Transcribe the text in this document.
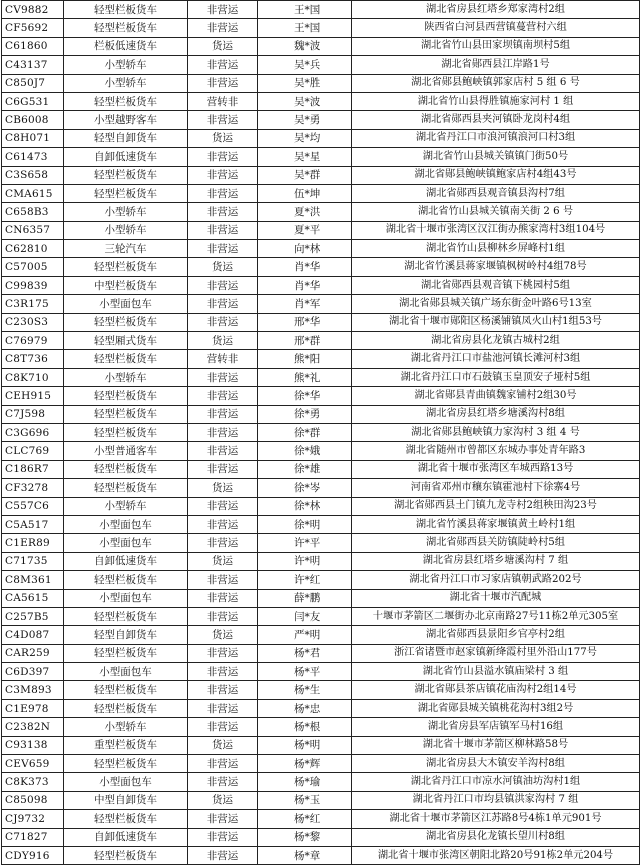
CV9882	轻型栏板货车	非营运	王*国	湖北省房县红塔乡郑家湾村2组
CF5692	轻型栏板货车	非营运	王*国	陕西省白河县西营镇蔓营村六组
C61860	栏板低速货车	货运	魏*波	湖北省竹山县田家坝镇南坝村5组
C43137	小型轿车	非营运	吴*兵	湖北省郧西县江岸路1号
C850J7	小型轿车	非营运	吴*胜	湖北省郧县鲍峡镇郭家店村 5 组 6 号
C6G531	轻型栏板货车	营转非	吴*波	湖北省竹山县得胜镇施家河村 1 组
CB6008	小型越野客车	非营运	吴*勇	湖北省郧西县夹河镇卧龙岗村4组
C8H071	轻型自卸货车	货运	吴*均	湖北省丹江口市浪河镇浪河口村3组
C61473	自卸低速货车	非营运	吴*星	湖北省竹山县城关镇镇门街50号
C3S658	轻型栏板货车	非营运	吴*群	湖北省郧县鲍峡镇鲍家店村4组43号
CMA615	轻型栏板货车	非营运	伍*坤	湖北省郧西县观音镇县沟村7组
C658B3	小型轿车	非营运	夏*洪	湖北省竹山县城关镇南关街 2 6 号
CN6357	小型轿车	非营运	夏*平	湖北省十堰市张湾区汉江街办熊家湾村3组104号
C62810	三轮汽车	非营运	向*林	湖北省竹山县柳林乡屏峰村1组
C57005	轻型栏板货车	货运	肖*华	湖北省竹溪县蒋家堰镇枫树岭村4组78号
C99839	中型栏板货车	非营运	肖*华	湖北省郧西县观音镇下桃园村5组
C3R175	小型面包车	非营运	肖*军	湖北省郧县城关镇广场东街金叶路6号13室
C230S3	轻型栏板货车	非营运	邢*华	湖北省十堰市郧阳区杨溪铺镇凤火山村1组53号
C76979	轻型厢式货车	货运	邢*群	湖北省房县化龙镇古城村2组
C8T736	轻型栏板货车	营转非	熊*阳	湖北省丹江口市盐池河镇长滩河村3组
C8K710	小型轿车	非营运	熊*礼	湖北省丹江口市石鼓镇玉皇顶安子垭村5组
CEH915	轻型栏板货车	非营运	徐*华	湖北省郧县青曲镇魏家铺村2组30号
C7J598	轻型栏板货车	非营运	徐*勇	湖北省房县红塔乡塘溪沟村8组
C3G696	轻型栏板货车	非营运	徐*群	湖北省郧县鲍峡镇力家沟村 3 组 4 号
CLC769	小型普通客车	非营运	徐*娥	湖北省随州市曾都区东城办事处青年路3
C186R7	轻型栏板货车	非营运	徐*雄	湖北省十堰市张湾区车城西路13号
CF3278	轻型栏板货车	货运	徐*岑	河南省邓州市穰东镇霍池村下徐寨4号
C557C6	小型轿车	非营运	徐*林	湖北省郧西县土门镇九龙寺村2组秧田沟23号
C5A517	小型面包车	非营运	徐*明	湖北省竹溪县蒋家堰镇黄土岭村1组
C1ER89	小型面包车	非营运	许*平	湖北省郧西县关防镇陡岭村5组
C71735	自卸低速货车	货运	许*明	湖北省房县红塔乡塘溪沟村 7 组
C8M361	轻型栏板货车	非营运	许*红	湖北省丹江口市习家店镇朝武路202号
CA5615	小型面包车	非营运	薛*鹏	湖北省十堰市汽配城
C257B5	轻型栏板货车	非营运	闫*友	十堰市茅箭区二堰街办北京南路27号11栋2单元305室
C4D087	轻型自卸货车	货运	严*明	湖北省郧西县景阳乡官亭村2组
CAR259	轻型栏板货车	非营运	杨*君	浙江省诸暨市赵家镇新绛霞村里外沿山177号
C6D397	小型面包车	非营运	杨*平	湖北省竹山县溢水镇庙梁村 3 组
C3M893	轻型栏板货车	非营运	杨*生	湖北省郧县茶店镇花庙沟村2组14号
C1E978	轻型栏板货车	非营运	杨*忠	湖北省郧县城关镇桃花沟村3组2号
C2382N	小型轿车	非营运	杨*根	湖北省房县军店镇军马村16组
C93138	重型栏板货车	货运	杨*明	湖北省十堰市茅箭区柳林路58号
CEV659	轻型栏板货车	非营运	杨*辉	湖北省房县大木镇安羊沟村8组
C8K373	小型面包车	非营运	杨*瑜	湖北省丹江口市凉水河镇油坊沟村1组
C85098	中型自卸货车	货运	杨*玉	湖北省丹江口市均县镇洪家沟村 7 组
CJ9732	轻型栏板货车	非营运	杨*红	湖北省十堰市茅箭区江苏路8号4栋1单元901号
C71827	自卸低速货车	非营运	杨*黎	湖北省房县化龙镇长望川村8组
CDY916	轻型栏板货车	非营运	杨*章	湖北省十堰市张湾区朝阳北路20号91栋2单元204号
